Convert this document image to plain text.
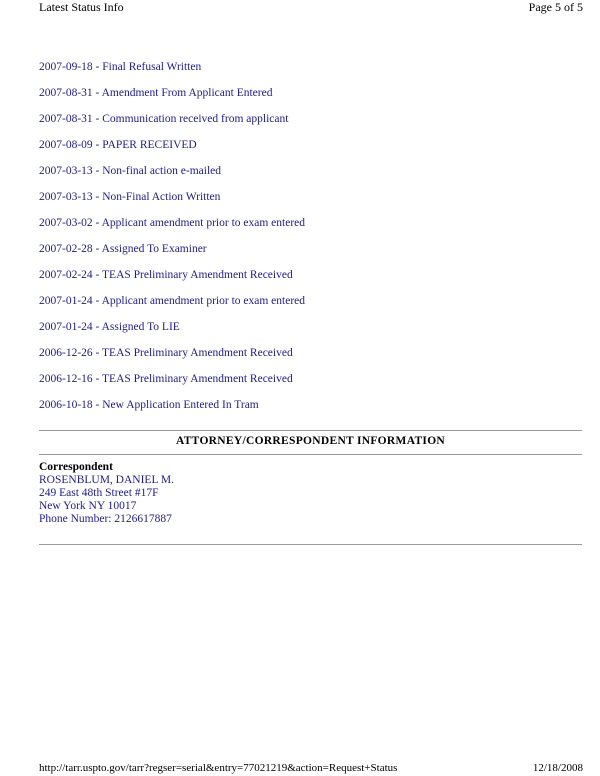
Latest Status Info	Page 5 of 5
2007-09-18 - Final Refusal Written
2007-08-31 - Amendment From Applicant Entered
2007-08-31 - Communication received from applicant
2007-08-09 - PAPER RECEIVED
2007-03-13 - Non-final action e-mailed
2007-03-13 - Non-Final Action Written
2007-03-02 - Applicant amendment prior to exam entered
2007-02-28 - Assigned To Examiner
2007-02-24 - TEAS Preliminary Amendment Received
2007-01-24 - Applicant amendment prior to exam entered
2007-01-24 - Assigned To LIE
2006-12-26 - TEAS Preliminary Amendment Received
2006-12-16 - TEAS Preliminary Amendment Received
2006-10-18 - New Application Entered In Tram
ATTORNEY/CORRESPONDENT INFORMATION
Correspondent
ROSENBLUM, DANIEL M.
249 East 48th Street #17F
New York NY 10017
Phone Number: 2126617887
http://tarr.uspto.gov/tarr?regser=serial&entry=77021219&action=Request+Status	12/18/2008
